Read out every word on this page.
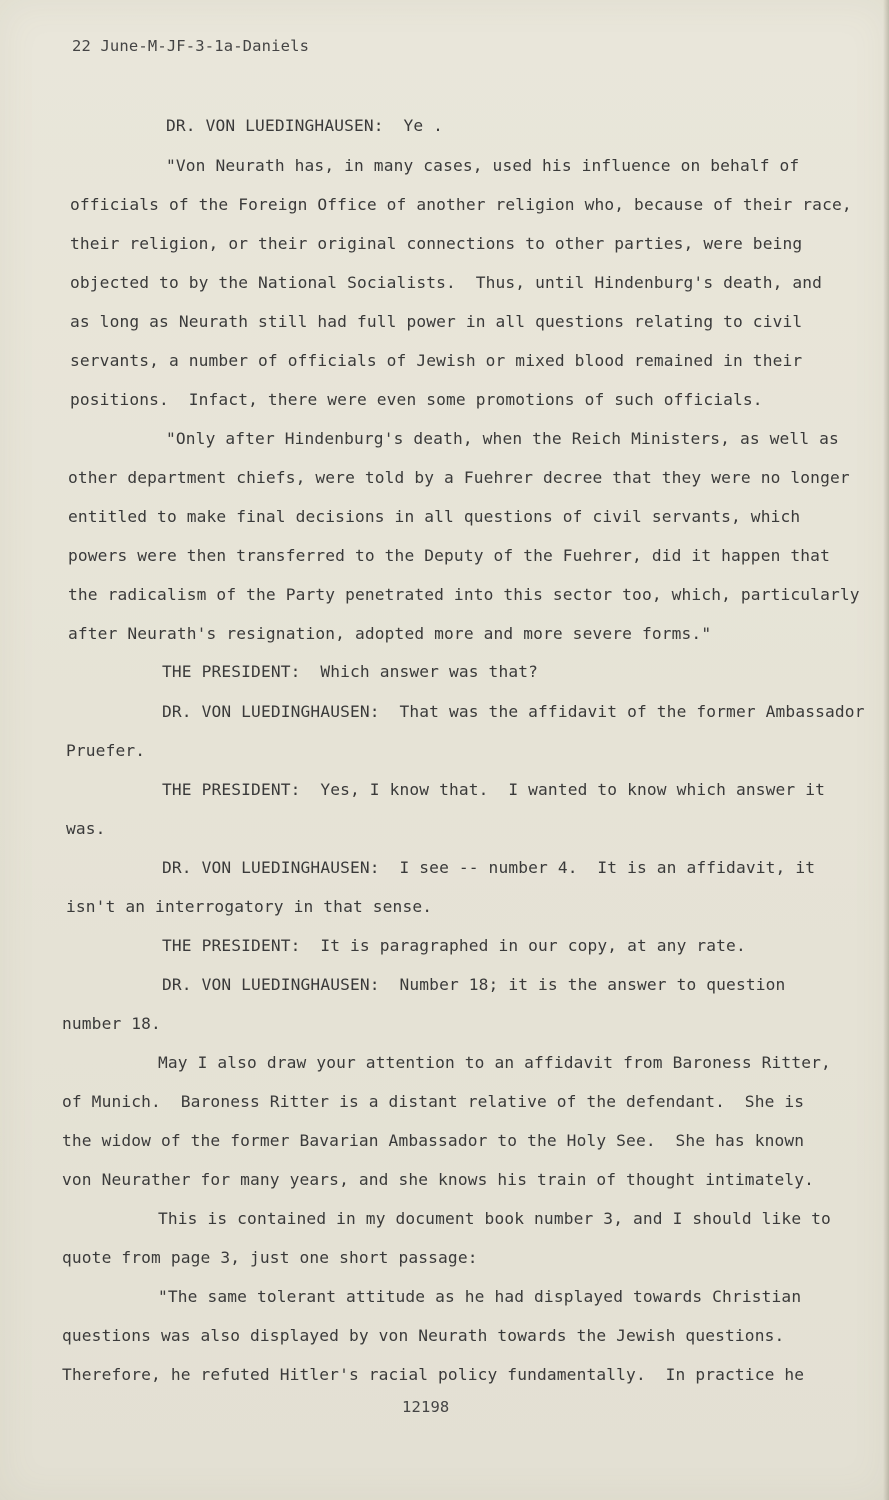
22 June-M-JF-3-1a-Daniels
DR. VON LUEDINGHAUSEN:  Ye .
"Von Neurath has, in many cases, used his influence on behalf of
officials of the Foreign Office of another religion who, because of their race,
their religion, or their original connections to other parties, were being
objected to by the National Socialists.  Thus, until Hindenburg's death, and
as long as Neurath still had full power in all questions relating to civil
servants, a number of officials of Jewish or mixed blood remained in their
positions.  Infact, there were even some promotions of such officials.
"Only after Hindenburg's death, when the Reich Ministers, as well as
other department chiefs, were told by a Fuehrer decree that they were no longer
entitled to make final decisions in all questions of civil servants, which
powers were then transferred to the Deputy of the Fuehrer, did it happen that
the radicalism of the Party penetrated into this sector too, which, particularly
after Neurath's resignation, adopted more and more severe forms."
THE PRESIDENT:  Which answer was that?
DR. VON LUEDINGHAUSEN:  That was the affidavit of the former Ambassador
Pruefer.
THE PRESIDENT:  Yes, I know that.  I wanted to know which answer it
was.
DR. VON LUEDINGHAUSEN:  I see -- number 4.  It is an affidavit, it
isn't an interrogatory in that sense.
THE PRESIDENT:  It is paragraphed in our copy, at any rate.
DR. VON LUEDINGHAUSEN:  Number 18; it is the answer to question
number 18.
May I also draw your attention to an affidavit from Baroness Ritter,
of Munich.  Baroness Ritter is a distant relative of the defendant.  She is
the widow of the former Bavarian Ambassador to the Holy See.  She has known
von Neurather for many years, and she knows his train of thought intimately.
This is contained in my document book number 3, and I should like to
quote from page 3, just one short passage:
"The same tolerant attitude as he had displayed towards Christian
questions was also displayed by von Neurath towards the Jewish questions.
Therefore, he refuted Hitler's racial policy fundamentally.  In practice he
12198
